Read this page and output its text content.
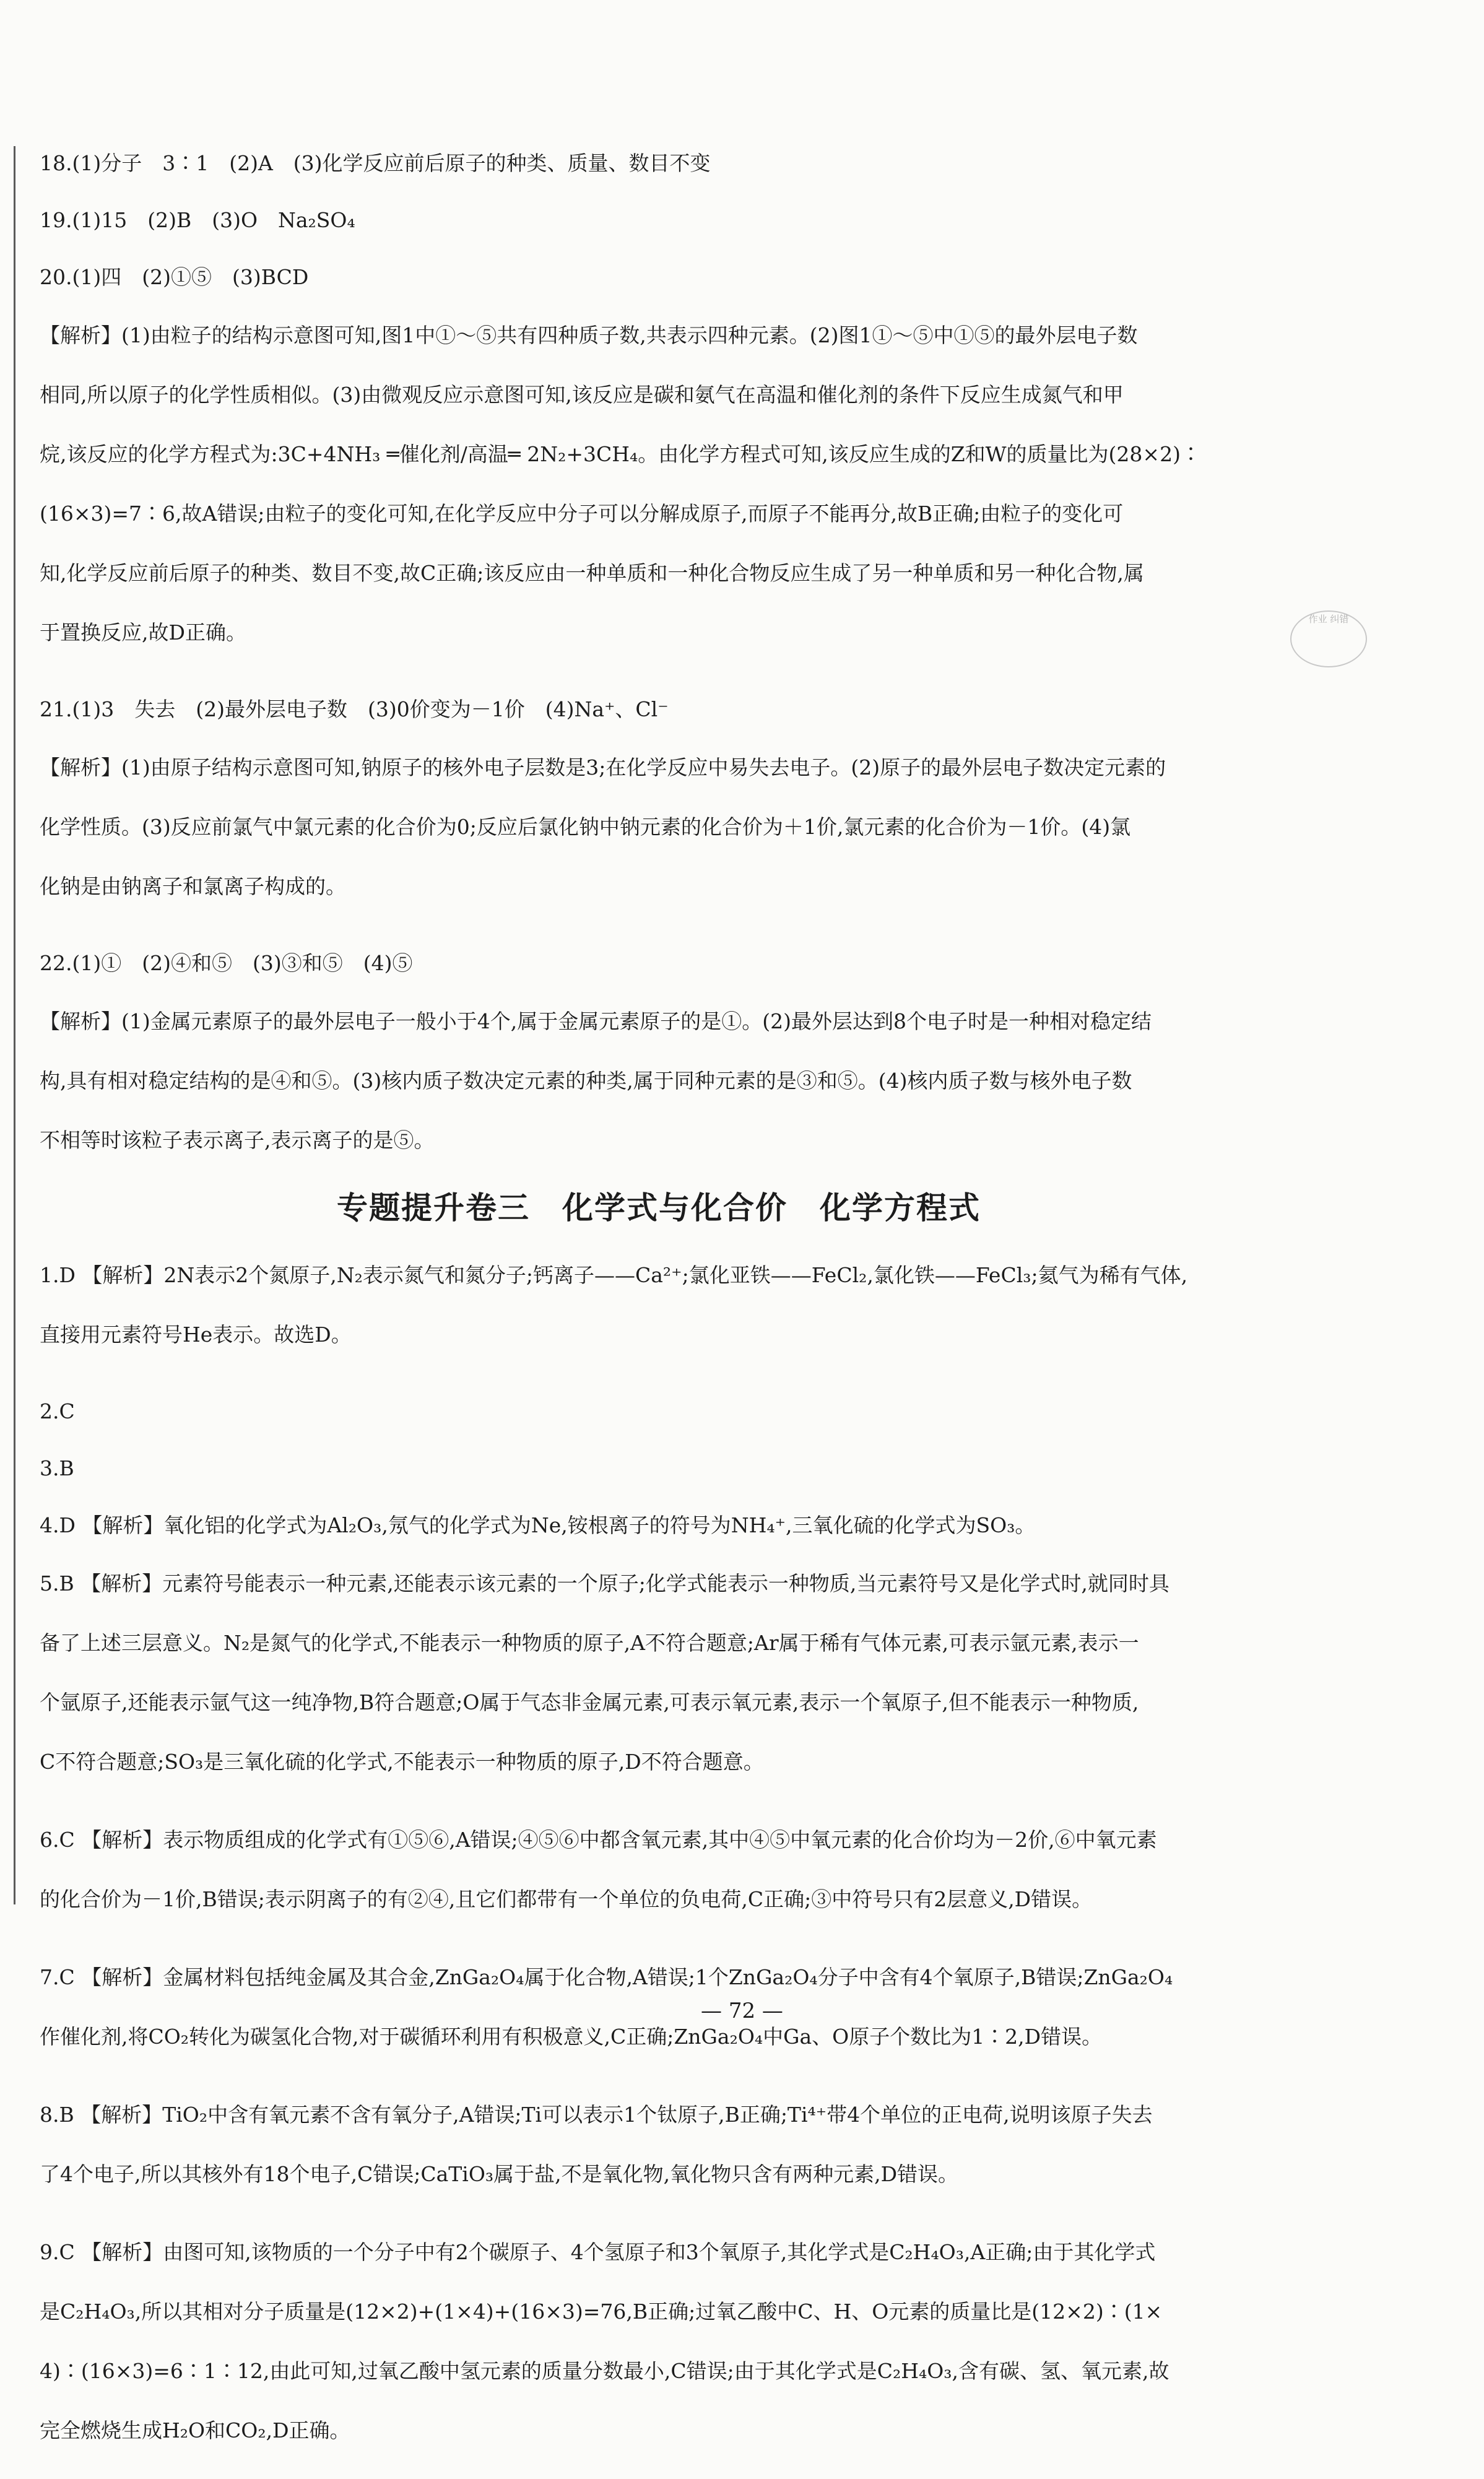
18.(1)分子　3∶1　(2)A　(3)化学反应前后原子的种类、质量、数目不变
19.(1)15　(2)B　(3)O　Na₂SO₄
20.(1)四　(2)①⑤　(3)BCD
【解析】(1)由粒子的结构示意图可知,图1中①～⑤共有四种质子数,共表示四种元素。(2)图1①～⑤中①⑤的最外层电子数
相同,所以原子的化学性质相似。(3)由微观反应示意图可知,该反应是碳和氨气在高温和催化剂的条件下反应生成氮气和甲
烷,该反应的化学方程式为:3C+4NH₃ ═催化剂/高温═ 2N₂+3CH₄。由化学方程式可知,该反应生成的Z和W的质量比为(28×2)∶
(16×3)=7∶6,故A错误;由粒子的变化可知,在化学反应中分子可以分解成原子,而原子不能再分,故B正确;由粒子的变化可
知,化学反应前后原子的种类、数目不变,故C正确;该反应由一种单质和一种化合物反应生成了另一种单质和另一种化合物,属
于置换反应,故D正确。
21.(1)3　失去　(2)最外层电子数　(3)0价变为－1价　(4)Na⁺、Cl⁻
【解析】(1)由原子结构示意图可知,钠原子的核外电子层数是3;在化学反应中易失去电子。(2)原子的最外层电子数决定元素的
化学性质。(3)反应前氯气中氯元素的化合价为0;反应后氯化钠中钠元素的化合价为＋1价,氯元素的化合价为－1价。(4)氯
化钠是由钠离子和氯离子构成的。
22.(1)①　(2)④和⑤　(3)③和⑤　(4)⑤
【解析】(1)金属元素原子的最外层电子一般小于4个,属于金属元素原子的是①。(2)最外层达到8个电子时是一种相对稳定结
构,具有相对稳定结构的是④和⑤。(3)核内质子数决定元素的种类,属于同种元素的是③和⑤。(4)核内质子数与核外电子数
不相等时该粒子表示离子,表示离子的是⑤。
专题提升卷三　化学式与化合价　化学方程式
1.D 【解析】2N表示2个氮原子,N₂表示氮气和氮分子;钙离子——Ca²⁺;氯化亚铁——FeCl₂,氯化铁——FeCl₃;氦气为稀有气体,
直接用元素符号He表示。故选D。
2.C
3.B
4.D 【解析】氧化铝的化学式为Al₂O₃,氖气的化学式为Ne,铵根离子的符号为NH₄⁺,三氧化硫的化学式为SO₃。
5.B 【解析】元素符号能表示一种元素,还能表示该元素的一个原子;化学式能表示一种物质,当元素符号又是化学式时,就同时具
备了上述三层意义。N₂是氮气的化学式,不能表示一种物质的原子,A不符合题意;Ar属于稀有气体元素,可表示氩元素,表示一
个氩原子,还能表示氩气这一纯净物,B符合题意;O属于气态非金属元素,可表示氧元素,表示一个氧原子,但不能表示一种物质,
C不符合题意;SO₃是三氧化硫的化学式,不能表示一种物质的原子,D不符合题意。
6.C 【解析】表示物质组成的化学式有①⑤⑥,A错误;④⑤⑥中都含氧元素,其中④⑤中氧元素的化合价均为－2价,⑥中氧元素
的化合价为－1价,B错误;表示阴离子的有②④,且它们都带有一个单位的负电荷,C正确;③中符号只有2层意义,D错误。
7.C 【解析】金属材料包括纯金属及其合金,ZnGa₂O₄属于化合物,A错误;1个ZnGa₂O₄分子中含有4个氧原子,B错误;ZnGa₂O₄
作催化剂,将CO₂转化为碳氢化合物,对于碳循环利用有积极意义,C正确;ZnGa₂O₄中Ga、O原子个数比为1∶2,D错误。
8.B 【解析】TiO₂中含有氧元素不含有氧分子,A错误;Ti可以表示1个钛原子,B正确;Ti⁴⁺带4个单位的正电荷,说明该原子失去
了4个电子,所以其核外有18个电子,C错误;CaTiO₃属于盐,不是氧化物,氧化物只含有两种元素,D错误。
9.C 【解析】由图可知,该物质的一个分子中有2个碳原子、4个氢原子和3个氧原子,其化学式是C₂H₄O₃,A正确;由于其化学式
是C₂H₄O₃,所以其相对分子质量是(12×2)+(1×4)+(16×3)=76,B正确;过氧乙酸中C、H、O元素的质量比是(12×2)∶(1×
4)∶(16×3)=6∶1∶12,由此可知,过氧乙酸中氢元素的质量分数最小,C错误;由于其化学式是C₂H₄O₃,含有碳、氢、氧元素,故
完全燃烧生成H₂O和CO₂,D正确。
作业 纠错
— 72 —
